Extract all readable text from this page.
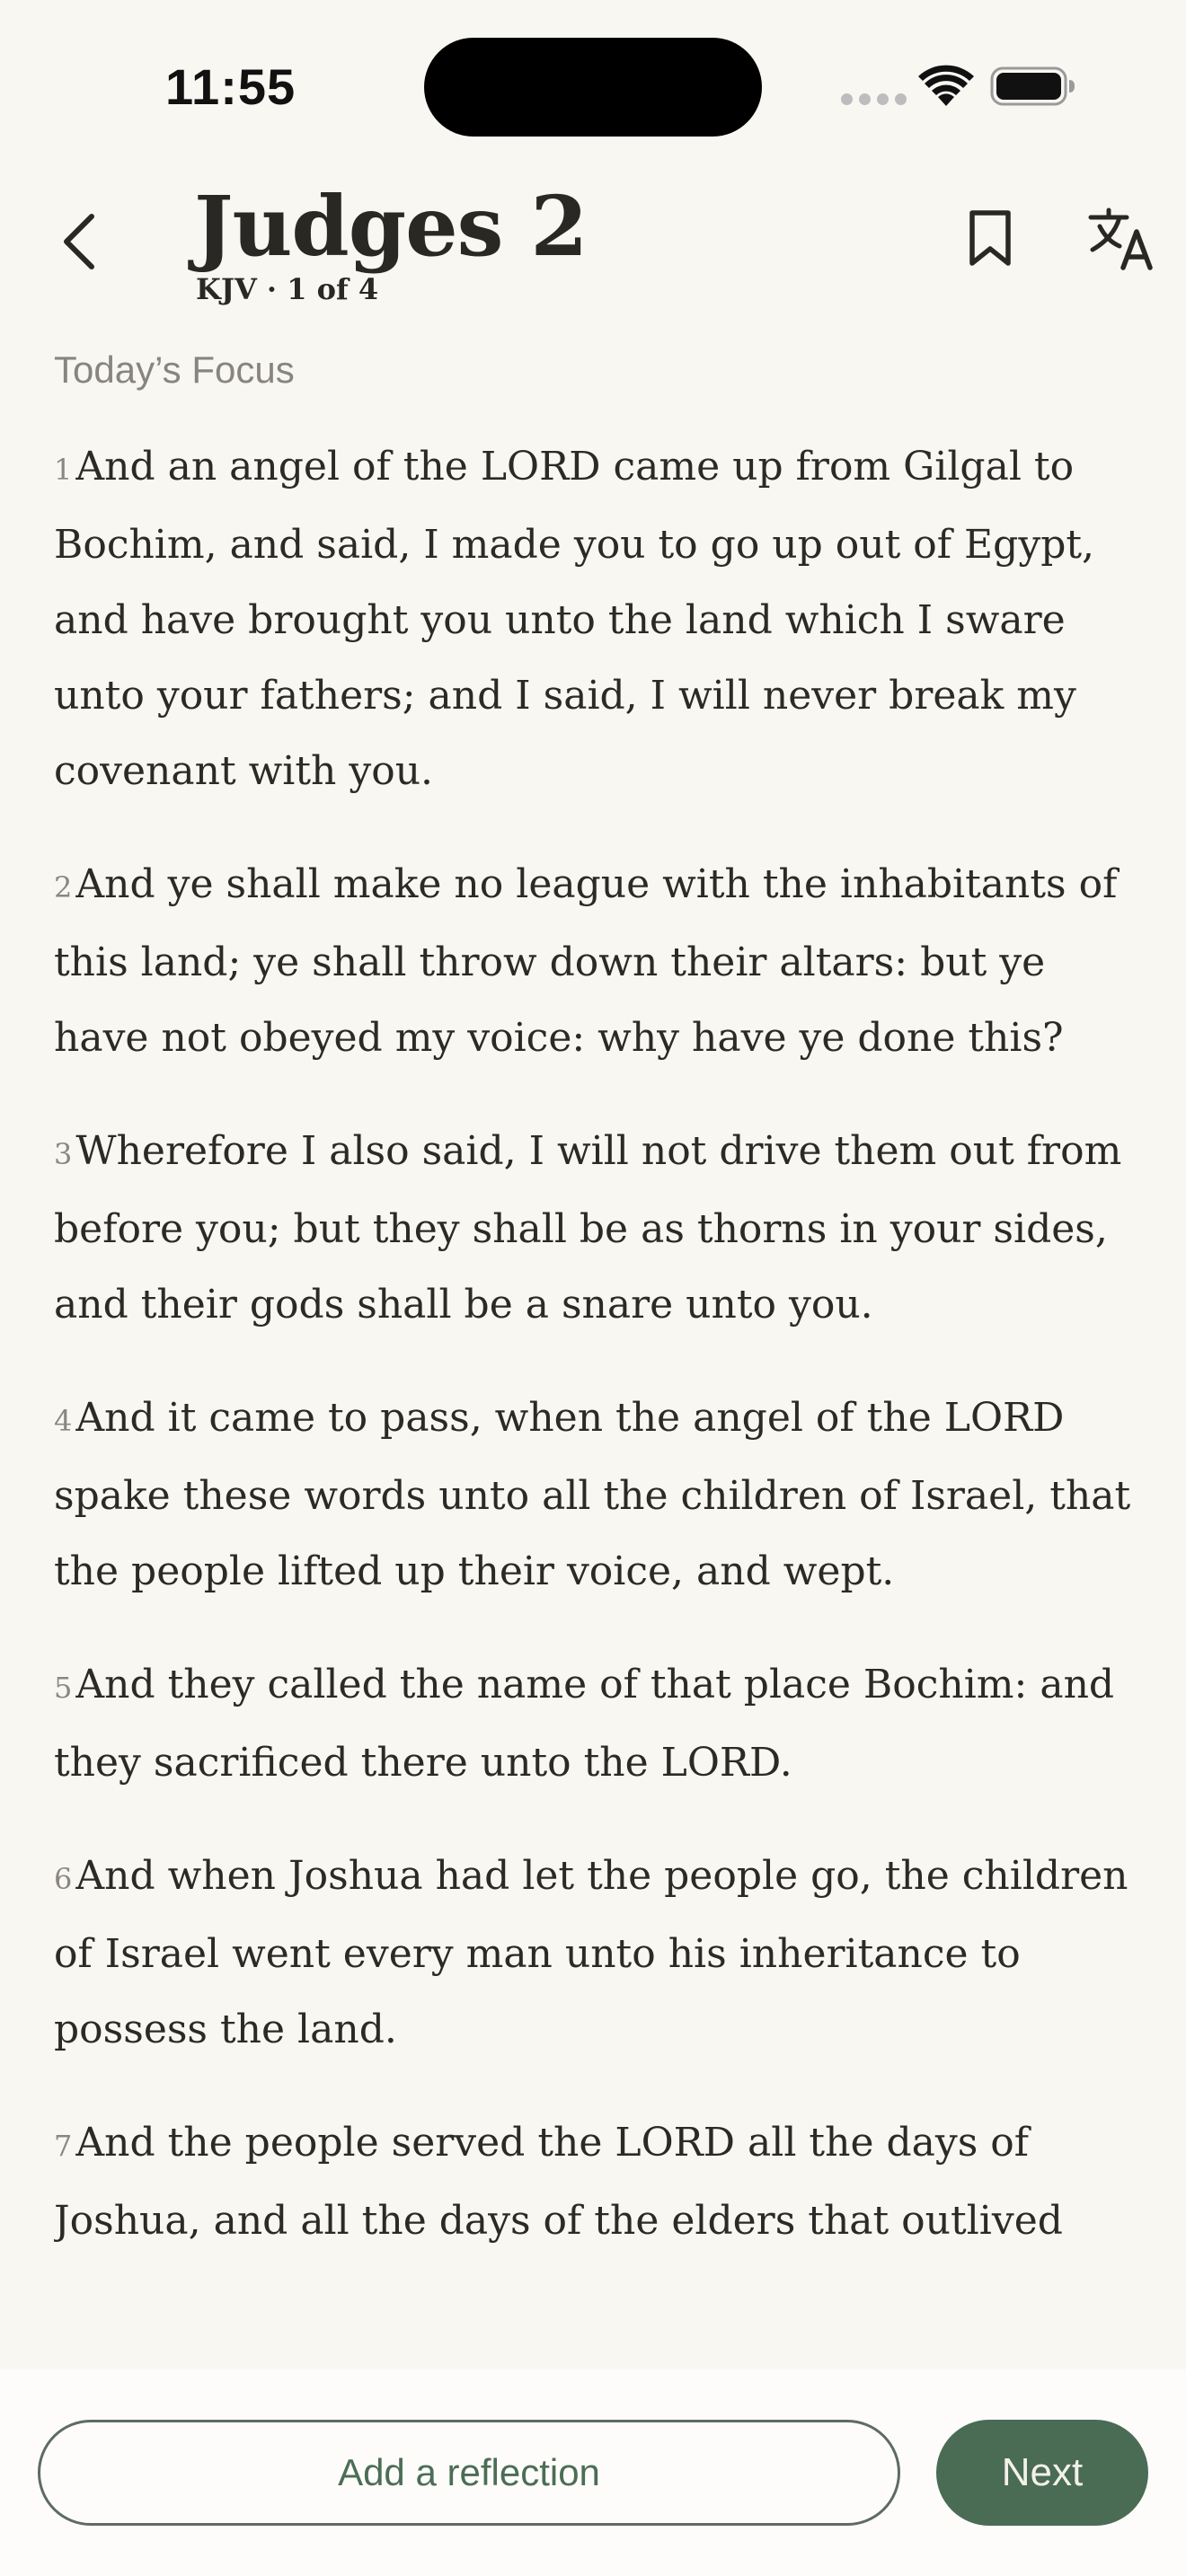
11:55
Judges 2
KJV · 1 of 4
Today’s Focus

1And an angel of the LORD came up from Gilgal to Bochim, and said, I made you to go up out of Egypt, and have brought you unto the land which I sware unto your fathers; and I said, I will never break my covenant with you.

2And ye shall make no league with the inhabitants of this land; ye shall throw down their altars: but ye have not obeyed my voice: why have ye done this?

3Wherefore I also said, I will not drive them out from before you; but they shall be as thorns in your sides, and their gods shall be a snare unto you.

4And it came to pass, when the angel of the LORD spake these words unto all the children of Israel, that the people lifted up their voice, and wept.

5And they called the name of that place Bochim: and they sacrificed there unto the LORD.

6And when Joshua had let the people go, the children of Israel went every man unto his inheritance to possess the land.

7And the people served the LORD all the days of Joshua, and all the days of the elders that outlived

Add a reflection	Next
